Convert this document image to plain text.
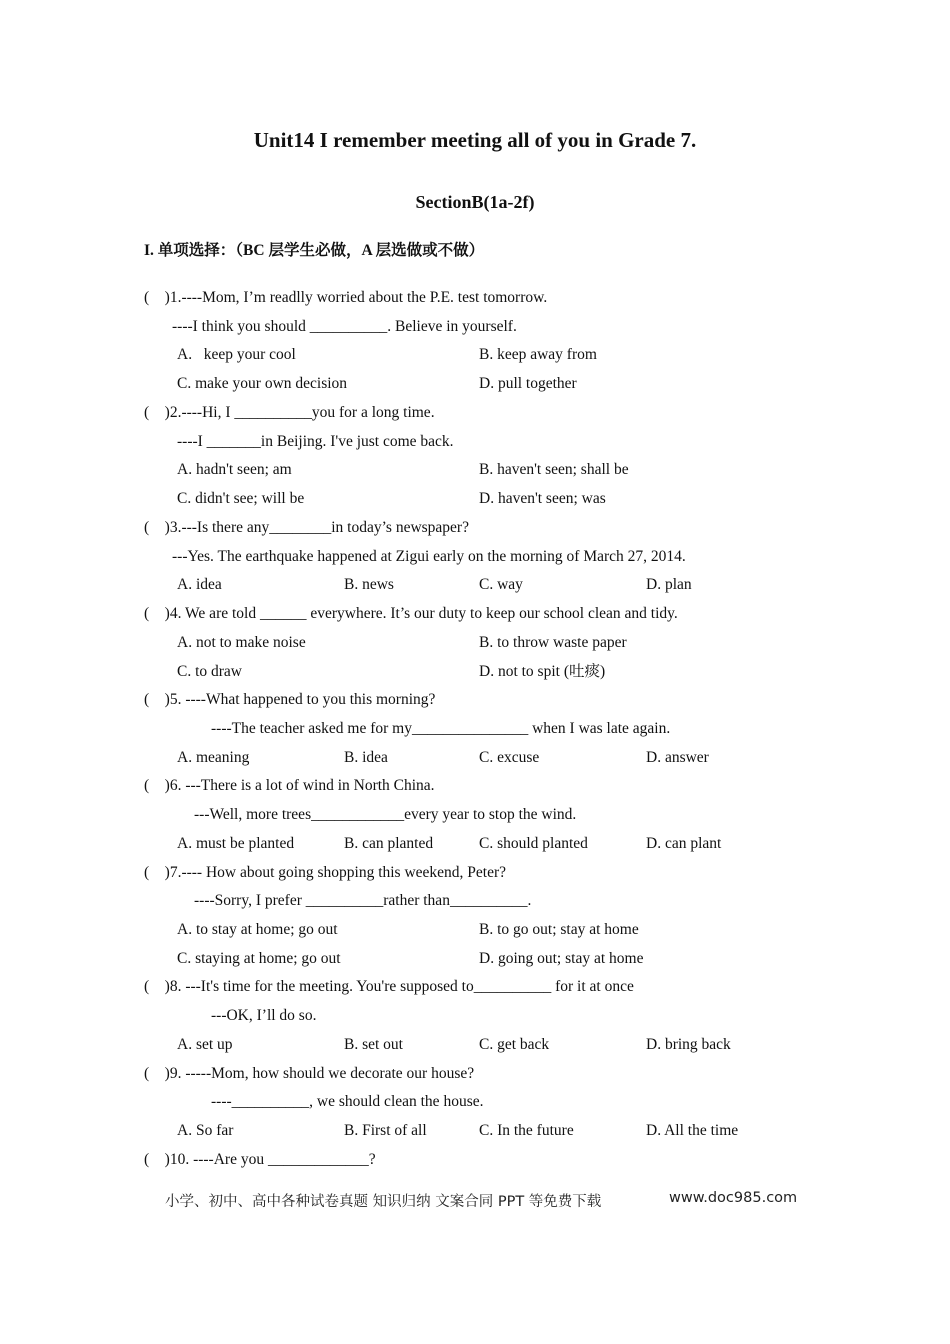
Unit14 I remember meeting all of you in Grade 7.
SectionB(1a-2f)
I. 单项选择：（BC 层学生必做，A 层选做或不做）
(    )1.----Mom, I’m readlly worried about the P.E. test tomorrow.
----I think you should __________. Believe in yourself.
A.   keep your cool	B. keep away from
C. make your own decision	D. pull together
(    )2.----Hi, I __________you for a long time.
----I _______in Beijing. I've just come back.
A. hadn't seen; am	B. haven't seen; shall be
C. didn't see; will be	D. haven't seen; was
(    )3.---Is there any________in today’s newspaper?
---Yes. The earthquake happened at Zigui early on the morning of March 27, 2014.
A. idea	B. news	C. way	D. plan
(    )4. We are told ______ everywhere. It’s our duty to keep our school clean and tidy.
A. not to make noise	B. to throw waste paper
C. to draw	D. not to spit (吐痰)
(    )5. ----What happened to you this morning?
----The teacher asked me for my_______________ when I was late again.
A. meaning	B. idea	C. excuse	D. answer
(    )6. ---There is a lot of wind in North China.
---Well, more trees____________every year to stop the wind.
A. must be planted	B. can planted	C. should planted	D. can plant
(    )7.---- How about going shopping this weekend, Peter?
----Sorry, I prefer __________rather than__________.
A. to stay at home; go out	B. to go out; stay at home
C. staying at home; go out	D. going out; stay at home
(    )8. ---It's time for the meeting. You're supposed to__________ for it at once
---OK, I’ll do so.
A. set up	B. set out	C. get back	D. bring back
(    )9. -----Mom, how should we decorate our house?
----__________, we should clean the house.
A. So far	B. First of all	C. In the future	D. All the time
(    )10. ----Are you _____________?
小学、初中、高中各种试卷真题 知识归纳 文案合同 PPT 等免费下载	www.doc985.com
